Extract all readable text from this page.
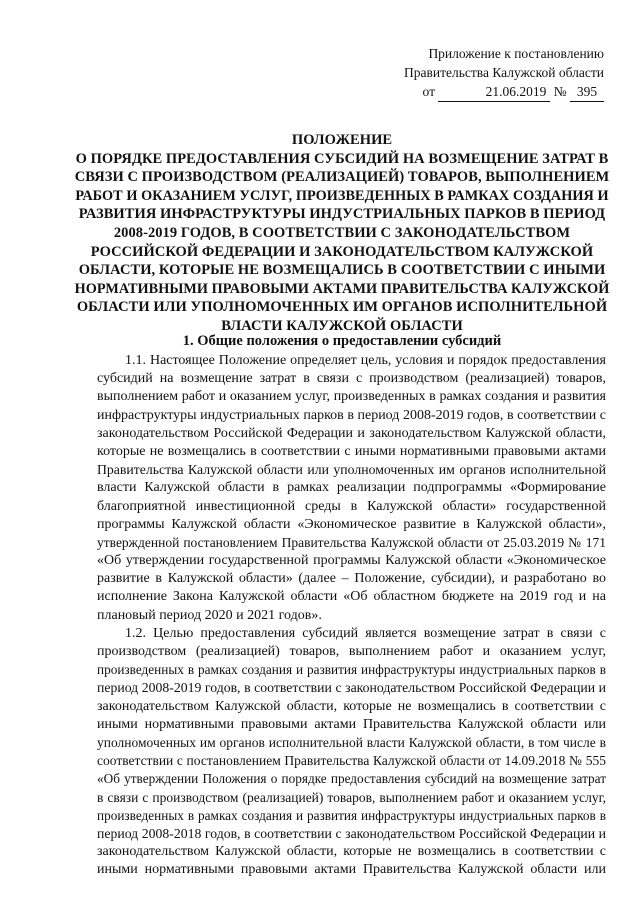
Приложение к постановлению
Правительства Калужской области
от	21.06.2019 № 395
ПОЛОЖЕНИЕ
О ПОРЯДКЕ ПРЕДОСТАВЛЕНИЯ СУБСИДИЙ НА ВОЗМЕЩЕНИЕ ЗАТРАТ В
СВЯЗИ С ПРОИЗВОДСТВОМ (РЕАЛИЗАЦИЕЙ) ТОВАРОВ, ВЫПОЛНЕНИЕМ
РАБОТ И ОКАЗАНИЕМ УСЛУГ, ПРОИЗВЕДЕННЫХ В РАМКАХ СОЗДАНИЯ И
РАЗВИТИЯ ИНФРАСТРУКТУРЫ ИНДУСТРИАЛЬНЫХ ПАРКОВ В ПЕРИОД
2008-2019 ГОДОВ, В СООТВЕТСТВИИ С ЗАКОНОДАТЕЛЬСТВОМ
РОССИЙСКОЙ ФЕДЕРАЦИИ И ЗАКОНОДАТЕЛЬСТВОМ КАЛУЖСКОЙ
ОБЛАСТИ, КОТОРЫЕ НЕ ВОЗМЕЩАЛИСЬ В СООТВЕТСТВИИ С ИНЫМИ
НОРМАТИВНЫМИ ПРАВОВЫМИ АКТАМИ ПРАВИТЕЛЬСТВА КАЛУЖСКОЙ
ОБЛАСТИ ИЛИ УПОЛНОМОЧЕННЫХ ИМ ОРГАНОВ ИСПОЛНИТЕЛЬНОЙ
ВЛАСТИ КАЛУЖСКОЙ ОБЛАСТИ
1. Общие положения о предоставлении субсидий
1.1. Настоящее Положение определяет цель, условия и порядок предоставления
субсидий на возмещение затрат в связи с производством (реализацией) товаров,
выполнением работ и оказанием услуг, произведенных в рамках создания и развития
инфраструктуры индустриальных парков в период 2008-2019 годов, в соответствии с
законодательством Российской Федерации и законодательством Калужской области,
которые не возмещались в соответствии с иными нормативными правовыми актами
Правительства Калужской области или уполномоченных им органов исполнительной
власти Калужской области в рамках реализации подпрограммы «Формирование
благоприятной инвестиционной среды в Калужской области» государственной
программы Калужской области «Экономическое развитие в Калужской области»,
утвержденной постановлением Правительства Калужской области от 25.03.2019 № 171
«Об утверждении государственной программы Калужской области «Экономическое
развитие в Калужской области» (далее – Положение, субсидии), и разработано во
исполнение Закона Калужской области «Об областном бюджете на 2019 год и на
плановый период 2020 и 2021 годов».
1.2. Целью предоставления субсидий является возмещение затрат в связи с
производством (реализацией) товаров, выполнением работ и оказанием услуг,
произведенных в рамках создания и развития инфраструктуры индустриальных парков в
период 2008-2019 годов, в соответствии с законодательством Российской Федерации и
законодательством Калужской области, которые не возмещались в соответствии с
иными нормативными правовыми актами Правительства Калужской области или
уполномоченных им органов исполнительной власти Калужской области, в том числе в
соответствии с постановлением Правительства Калужской области от 14.09.2018 № 555
«Об утверждении Положения о порядке предоставления субсидий на возмещение затрат
в связи с производством (реализацией) товаров, выполнением работ и оказанием услуг,
произведенных в рамках создания и развития инфраструктуры индустриальных парков в
период 2008-2018 годов, в соответствии с законодательством Российской Федерации и
законодательством Калужской области, которые не возмещались в соответствии с
иными нормативными правовыми актами Правительства Калужской области или
